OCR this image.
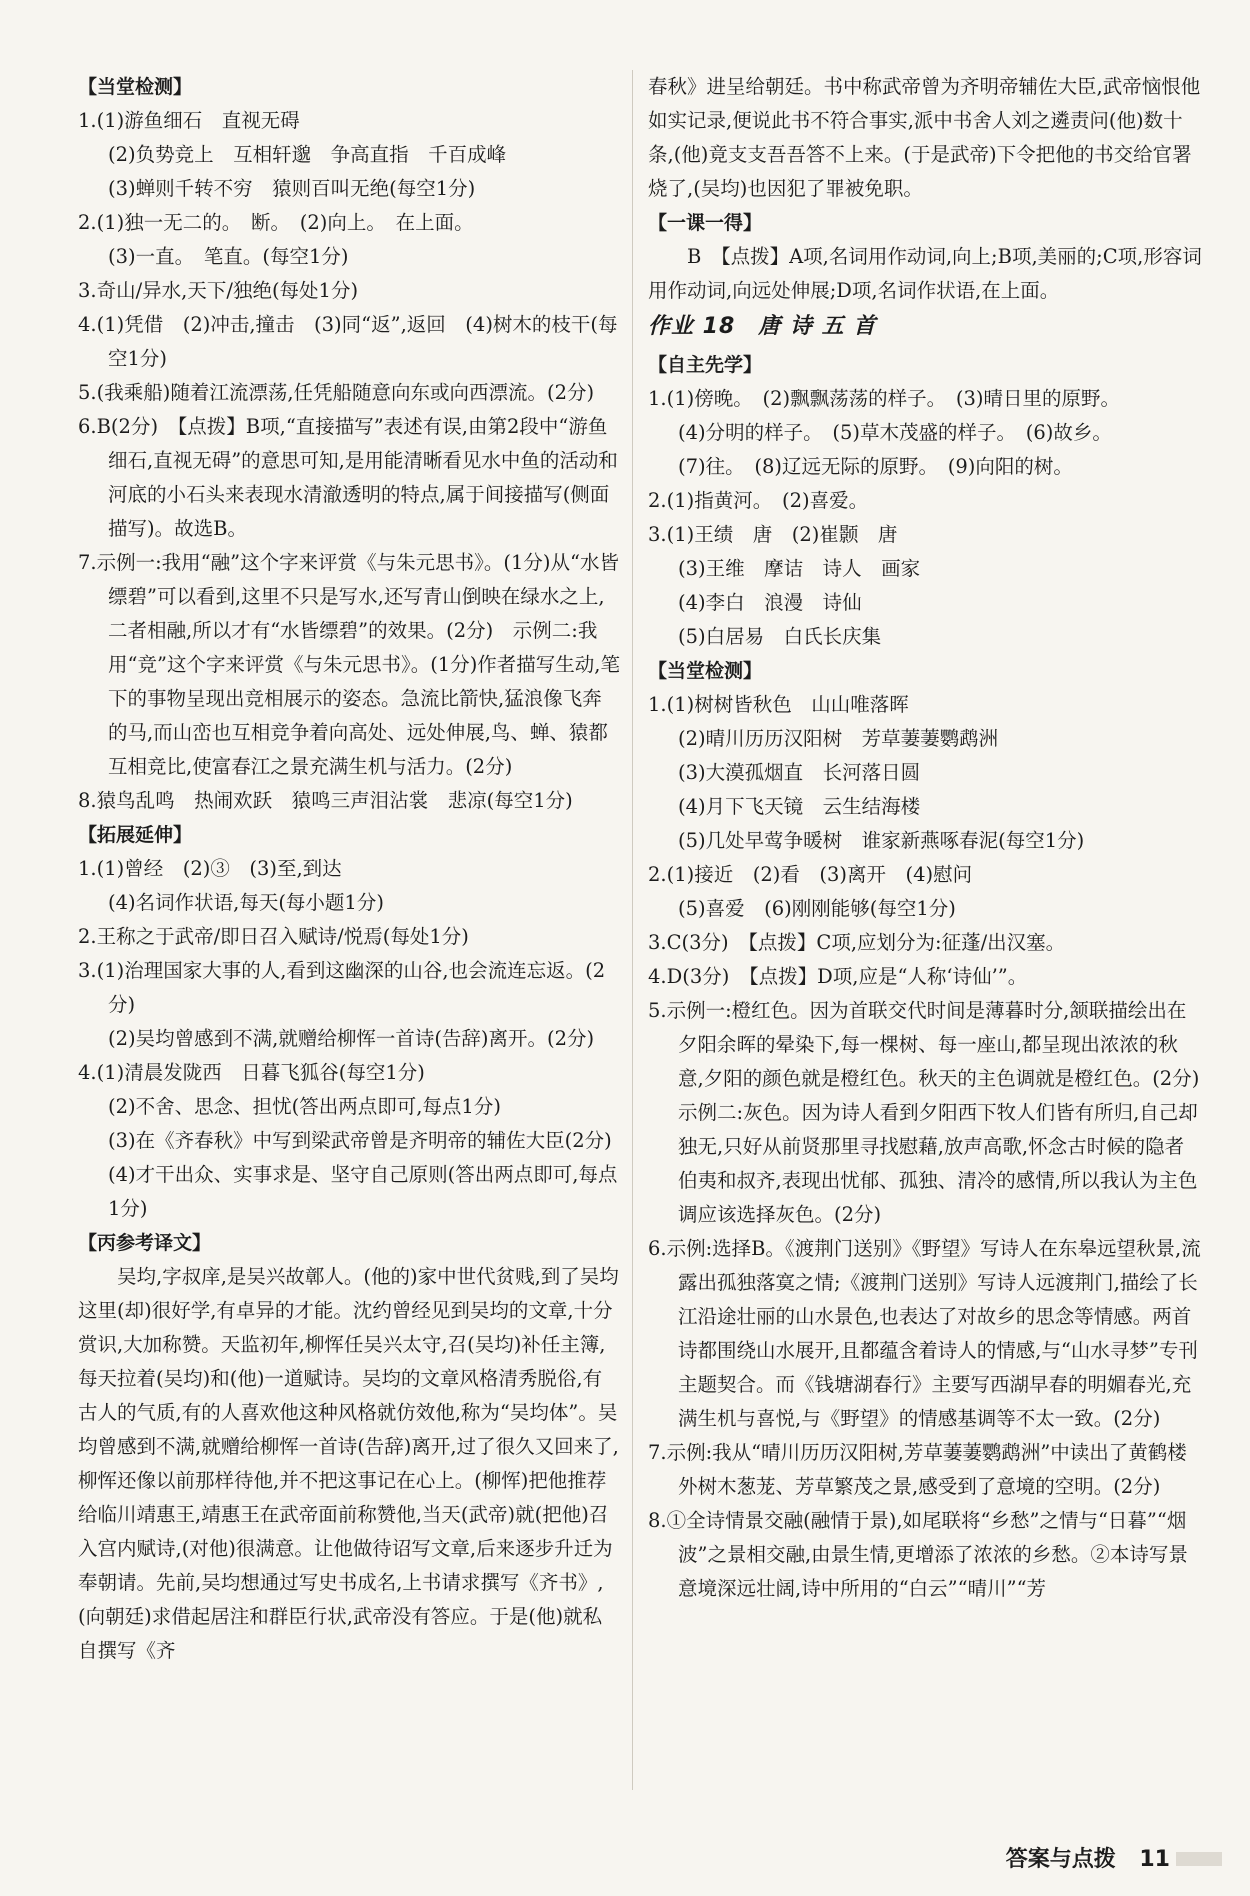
【当堂检测】
1.(1)游鱼细石　直视无碍
(2)负势竞上　互相轩邈　争高直指　千百成峰
(3)蝉则千转不穷　猿则百叫无绝(每空1分)
2.(1)独一无二的。　断。　(2)向上。　在上面。
(3)一直。　笔直。(每空1分)
3.奇山/异水,天下/独绝(每处1分)
4.(1)凭借　(2)冲击,撞击　(3)同“返”,返回　(4)树木的枝干(每空1分)
5.(我乘船)随着江流漂荡,任凭船随意向东或向西漂流。(2分)
6.B(2分)　【点拨】B项,“直接描写”表述有误,由第2段中“游鱼细石,直视无碍”的意思可知,是用能清晰看见水中鱼的活动和河底的小石头来表现水清澈透明的特点,属于间接描写(侧面描写)。故选B。
7.示例一:我用“融”这个字来评赏《与朱元思书》。(1分)从“水皆缥碧”可以看到,这里不只是写水,还写青山倒映在绿水之上,二者相融,所以才有“水皆缥碧”的效果。(2分)　示例二:我用“竞”这个字来评赏《与朱元思书》。(1分)作者描写生动,笔下的事物呈现出竞相展示的姿态。急流比箭快,猛浪像飞奔的马,而山峦也互相竞争着向高处、远处伸展,鸟、蝉、猿都互相竞比,使富春江之景充满生机与活力。(2分)
8.猿鸟乱鸣　热闹欢跃　猿鸣三声泪沾裳　悲凉(每空1分)
【拓展延伸】
1.(1)曾经　(2)③　(3)至,到达
(4)名词作状语,每天(每小题1分)
2.王称之于武帝/即日召入赋诗/悦焉(每处1分)
3.(1)治理国家大事的人,看到这幽深的山谷,也会流连忘返。(2分)
(2)吴均曾感到不满,就赠给柳恽一首诗(告辞)离开。(2分)
4.(1)清晨发陇西　日暮飞狐谷(每空1分)
(2)不舍、思念、担忧(答出两点即可,每点1分)
(3)在《齐春秋》中写到梁武帝曾是齐明帝的辅佐大臣(2分)
(4)才干出众、实事求是、坚守自己原则(答出两点即可,每点1分)
【丙参考译文】
吴均,字叔庠,是吴兴故鄣人。(他的)家中世代贫贱,到了吴均这里(却)很好学,有卓异的才能。沈约曾经见到吴均的文章,十分赏识,大加称赞。天监初年,柳恽任吴兴太守,召(吴均)补任主簿,每天拉着(吴均)和(他)一道赋诗。吴均的文章风格清秀脱俗,有古人的气质,有的人喜欢他这种风格就仿效他,称为“吴均体”。吴均曾感到不满,就赠给柳恽一首诗(告辞)离开,过了很久又回来了,柳恽还像以前那样待他,并不把这事记在心上。(柳恽)把他推荐给临川靖惠王,靖惠王在武帝面前称赞他,当天(武帝)就(把他)召入宫内赋诗,(对他)很满意。让他做待诏写文章,后来逐步升迁为奉朝请。先前,吴均想通过写史书成名,上书请求撰写《齐书》,(向朝廷)求借起居注和群臣行状,武帝没有答应。于是(他)就私自撰写《齐
春秋》进呈给朝廷。书中称武帝曾为齐明帝辅佐大臣,武帝恼恨他如实记录,便说此书不符合事实,派中书舍人刘之遴责问(他)数十条,(他)竟支支吾吾答不上来。(于是武帝)下令把他的书交给官署烧了,(吴均)也因犯了罪被免职。
【一课一得】
B　【点拨】A项,名词用作动词,向上;B项,美丽的;C项,形容词用作动词,向远处伸展;D项,名词作状语,在上面。
作业 18　唐 诗 五 首
【自主先学】
1.(1)傍晚。　(2)飘飘荡荡的样子。　(3)晴日里的原野。
(4)分明的样子。　(5)草木茂盛的样子。　(6)故乡。
(7)往。　(8)辽远无际的原野。　(9)向阳的树。
2.(1)指黄河。　(2)喜爱。
3.(1)王绩　唐　(2)崔颢　唐
(3)王维　摩诘　诗人　画家
(4)李白　浪漫　诗仙
(5)白居易　白氏长庆集
【当堂检测】
1.(1)树树皆秋色　山山唯落晖
(2)晴川历历汉阳树　芳草萋萋鹦鹉洲
(3)大漠孤烟直　长河落日圆
(4)月下飞天镜　云生结海楼
(5)几处早莺争暖树　谁家新燕啄春泥(每空1分)
2.(1)接近　(2)看　(3)离开　(4)慰问
(5)喜爱　(6)刚刚能够(每空1分)
3.C(3分)　【点拨】C项,应划分为:征蓬/出汉塞。
4.D(3分)　【点拨】D项,应是“人称‘诗仙’”。
5.示例一:橙红色。因为首联交代时间是薄暮时分,颔联描绘出在夕阳余晖的晕染下,每一棵树、每一座山,都呈现出浓浓的秋意,夕阳的颜色就是橙红色。秋天的主色调就是橙红色。(2分)
示例二:灰色。因为诗人看到夕阳西下牧人们皆有所归,自己却独无,只好从前贤那里寻找慰藉,放声高歌,怀念古时候的隐者伯夷和叔齐,表现出忧郁、孤独、清冷的感情,所以我认为主色调应该选择灰色。(2分)
6.示例:选择B。《渡荆门送别》《野望》写诗人在东皋远望秋景,流露出孤独落寞之情;《渡荆门送别》写诗人远渡荆门,描绘了长江沿途壮丽的山水景色,也表达了对故乡的思念等情感。两首诗都围绕山水展开,且都蕴含着诗人的情感,与“山水寻梦”专刊主题契合。而《钱塘湖春行》主要写西湖早春的明媚春光,充满生机与喜悦,与《野望》的情感基调等不太一致。(2分)
7.示例:我从“晴川历历汉阳树,芳草萋萋鹦鹉洲”中读出了黄鹤楼外树木葱茏、芳草繁茂之景,感受到了意境的空明。(2分)
8.①全诗情景交融(融情于景),如尾联将“乡愁”之情与“日暮”“烟波”之景相交融,由景生情,更增添了浓浓的乡愁。②本诗写景意境深远壮阔,诗中所用的“白云”“晴川”“芳
答案与点拨 11
